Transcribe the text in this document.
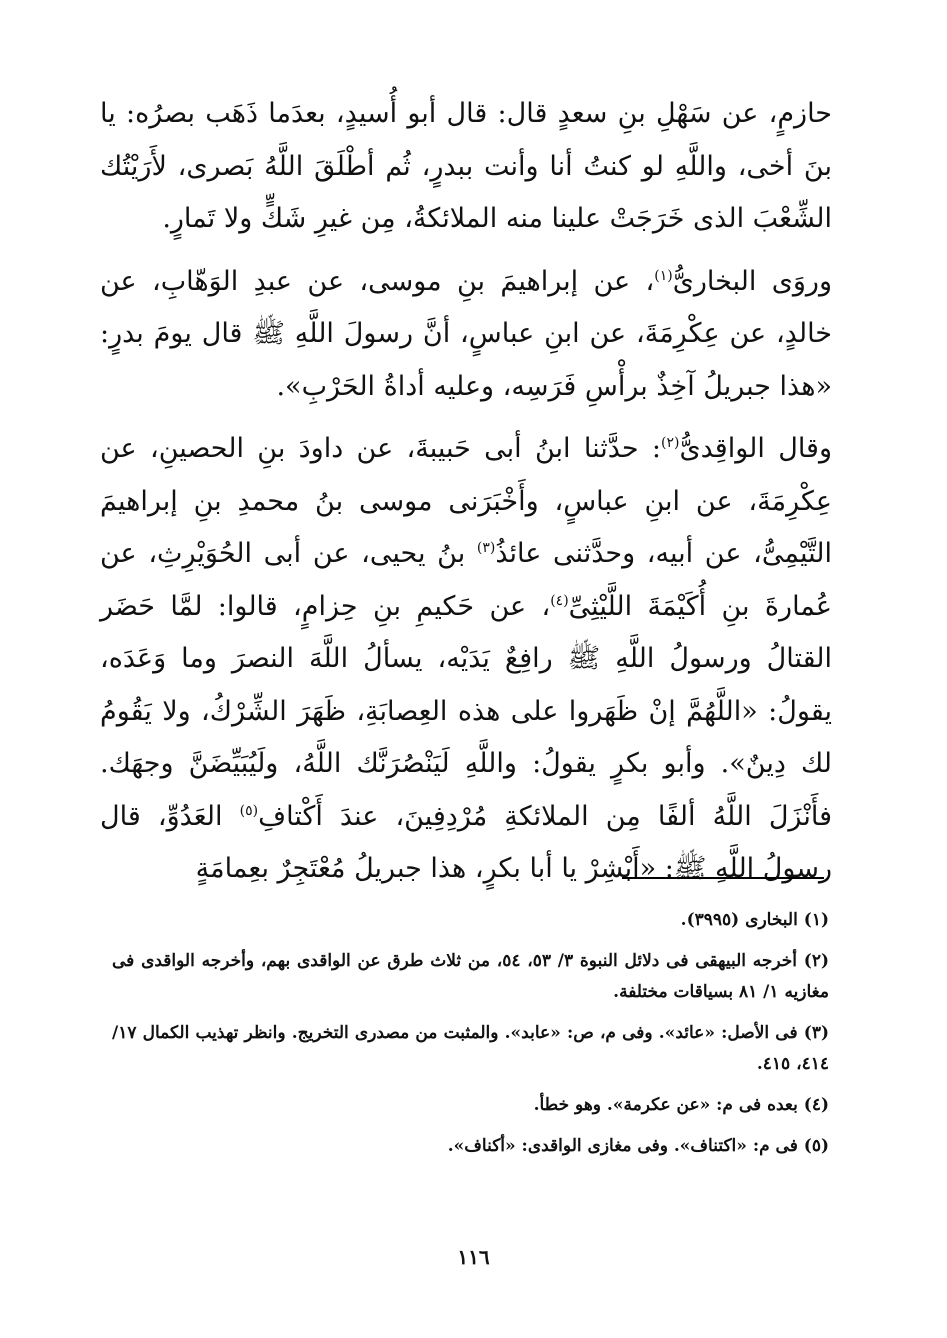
حازمٍ، عن سَهْلِ بنِ سعدٍ قال: قال أبو أُسيدٍ، بعدَما ذَهَب بصرُه: يا بنَ أخى، واللَّهِ لو كنتُ أنا وأنت ببدرٍ، ثُم أطْلَقَ اللَّهُ بَصرى، لأَرَيْتُك الشِّعْبَ الذى خَرَجَتْ علينا منه الملائكةُ، مِن غيرِ شَكٍّ ولا تَمارٍ.

وروَى البخارىُّ$^{(١)}$، عن إبراهيمَ بنِ موسى، عن عبدِ الوَهّابِ، عن خالدٍ، عن عِكْرِمَةَ، عن ابنِ عباسٍ، أنَّ رسولَ اللَّهِ ﷺ قال يومَ بدرٍ: «هذا جبريلُ آخِذٌ برأْسِ فَرَسِه، وعليه أداةُ الحَرْبِ».

وقال الواقِدىُّ$^{(٢)}$: حدَّثنا ابنُ أبى حَبيبةَ، عن داودَ بنِ الحصينِ، عن عِكْرِمَةَ، عن ابنِ عباسٍ، وأَخْبَرَنى موسى بنُ محمدِ بنِ إبراهيمَ التَّيْمِىُّ، عن أبيه، وحدَّثنى عائذُ$^{(٣)}$ بنُ يحيى، عن أبى الحُوَيْرِثِ، عن عُمارةَ بنِ أُكَيْمَةَ اللَّيْثِىِّ$^{(٤)}$، عن حَكيمِ بنِ حِزامٍ، قالوا: لمَّا حَضَر القتالُ ورسولُ اللَّهِ ﷺ رافِعٌ يَدَيْه، يسألُ اللَّهَ النصرَ وما وَعَدَه، يقولُ: «اللَّهُمَّ إنْ ظَهَروا على هذه العِصابَةِ، ظَهَرَ الشِّرْكُ، ولا يَقُومُ لك دِينٌ». وأبو بكرٍ يقولُ: واللَّهِ لَيَنْصُرَنَّك اللَّهُ، ولَيُبَيِّضَنَّ وجهَك. فأَنْزَلَ اللَّهُ ألفًا مِن الملائكةِ مُرْدِفِينَ، عندَ أَكْتافِ$^{(٥)}$ العَدُوِّ، قال رسولُ اللَّهِ ﷺ: «أَبْشِرْ يا أبا بكرٍ، هذا جبريلُ مُعْتَجِرٌ بعِمامَةٍ

(١) البخارى (٣٩٩٥).

(٢) أخرجه البيهقى فى دلائل النبوة ٣/ ٥٣، ٥٤، من ثلاث طرق عن الواقدى بهم، وأخرجه الواقدى فى مغازيه ١/ ٨١ بسياقات مختلفة.

(٣) فى الأصل: «عائد». وفى م، ص: «عابد». والمثبت من مصدرى التخريج. وانظر تهذيب الكمال ١٧/ ٤١٤، ٤١٥.

(٤) بعده فى م: «عن عكرمة». وهو خطأ.

(٥) فى م: «اكتناف». وفى مغازى الواقدى: «أكناف».

١١٦
